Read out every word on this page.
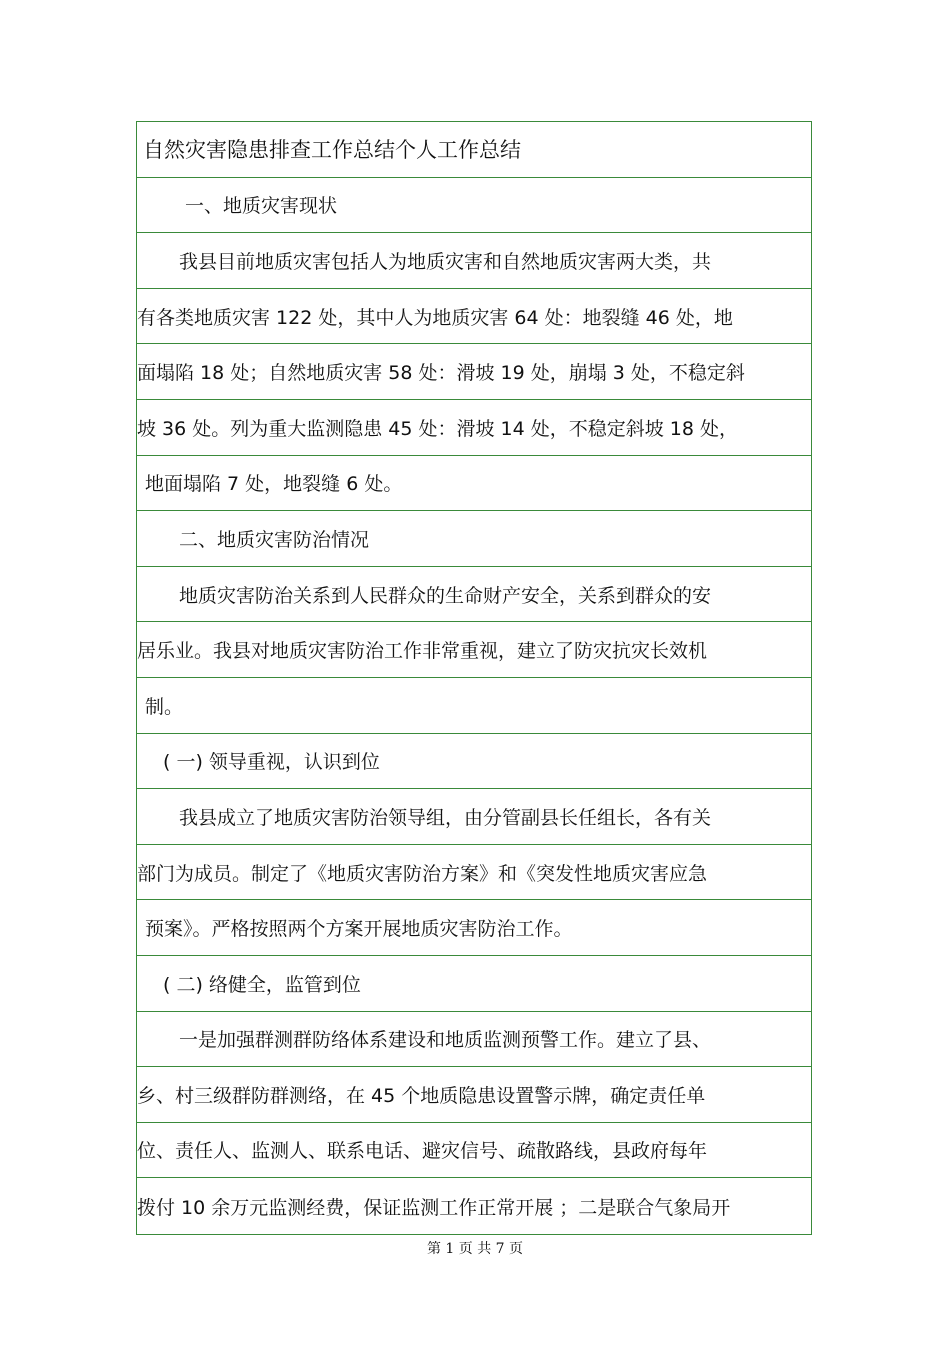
自然灾害隐患排查工作总结个人工作总结
一、地质灾害现状
我县目前地质灾害包括人为地质灾害和自然地质灾害两大类，共
有各类地质灾害 122 处，其中人为地质灾害 64 处：地裂缝 46 处，地
面塌陷 18 处；自然地质灾害 58 处：滑坡 19 处，崩塌 3 处，不稳定斜
坡 36 处。列为重大监测隐患 45 处：滑坡 14 处，不稳定斜坡 18 处，
地面塌陷 7 处，地裂缝 6 处。
二、地质灾害防治情况
地质灾害防治关系到人民群众的生命财产安全，关系到群众的安
居乐业。我县对地质灾害防治工作非常重视，建立了防灾抗灾长效机
制。
( 一) 领导重视，认识到位
我县成立了地质灾害防治领导组，由分管副县长任组长，各有关
部门为成员。制定了《地质灾害防治方案》和《突发性地质灾害应急
预案》。严格按照两个方案开展地质灾害防治工作。
( 二) 络健全，监管到位
一是加强群测群防络体系建设和地质监测预警工作。建立了县、
乡、村三级群防群测络，在 45 个地质隐患设置警示牌，确定责任单
位、责任人、监测人、联系电话、避灾信号、疏散路线，县政府每年
拨付 10 余万元监测经费，保证监测工作正常开展 ；二是联合气象局开
第 1 页 共 7 页
